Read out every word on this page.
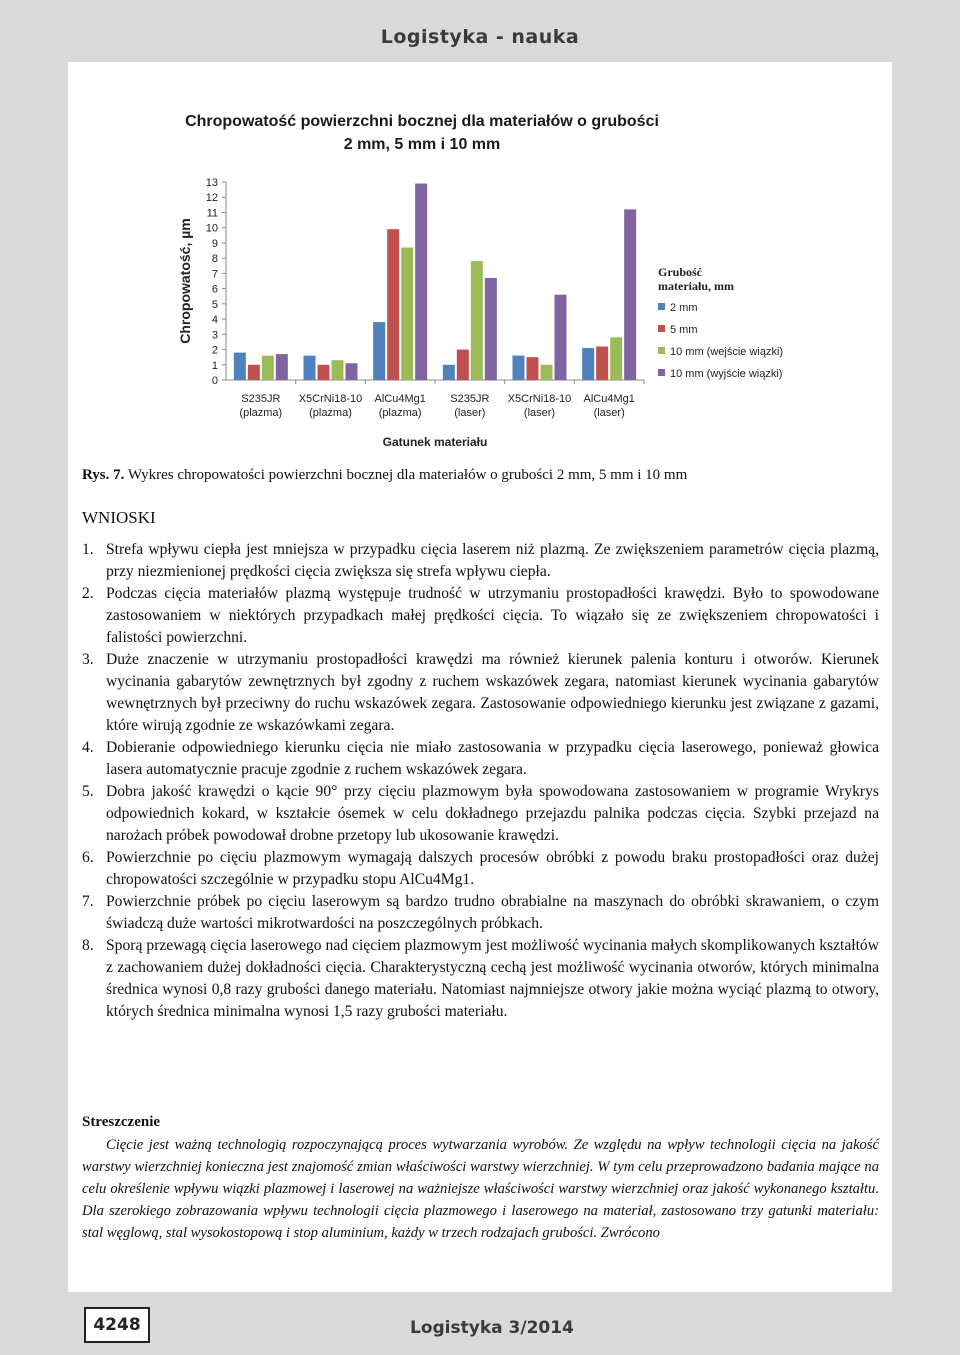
Logistyka - nauka
Chropowatość powierzchni bocznej dla materiałów o grubości
2 mm, 5 mm i 10 mm
0
1
2
3
4
5
6
7
8
9
10
11
12
13
Chropowatość, µm
S235JR
(plazma)
X5CrNi18-10
(plazma)
AlCu4Mg1
(plazma)
S235JR
(laser)
X5CrNi18-10
(laser)
AlCu4Mg1
(laser)
Gatunek materiału
Grubość
materiału, mm
2 mm
5 mm
10 mm (wejście wiązki)
10 mm (wyjście wiązki)
Rys. 7. Wykres chropowatości powierzchni bocznej dla materiałów o grubości 2 mm, 5 mm i 10 mm
WNIOSKI
1. Strefa wpływu ciepła jest mniejsza w przypadku cięcia laserem niż plazmą. Ze zwiększeniem parametrów cięcia plazmą, przy niezmienionej prędkości cięcia zwiększa się strefa wpływu ciepła.
2. Podczas cięcia materiałów plazmą występuje trudność w utrzymaniu prostopadłości krawędzi. Było to spowodowane zastosowaniem w niektórych przypadkach małej prędkości cięcia. To wiązało się ze zwiększeniem chropowatości i falistości powierzchni.
3. Duże znaczenie w utrzymaniu prostopadłości krawędzi ma również kierunek palenia konturu i otworów. Kierunek wycinania gabarytów zewnętrznych był zgodny z ruchem wskazówek zegara, natomiast kierunek wycinania gabarytów wewnętrznych był przeciwny do ruchu wskazówek zegara. Zastosowanie odpowiedniego kierunku jest związane z gazami, które wirują zgodnie ze wskazówkami zegara.
4. Dobieranie odpowiedniego kierunku cięcia nie miało zastosowania w przypadku cięcia laserowego, ponieważ głowica lasera automatycznie pracuje zgodnie z ruchem wskazówek zegara.
5. Dobra jakość krawędzi o kącie 90° przy cięciu plazmowym była spowodowana zastosowaniem w programie Wrykrys odpowiednich kokard, w kształcie ósemek w celu dokładnego przejazdu palnika podczas cięcia. Szybki przejazd na narożach próbek powodował drobne przetopy lub ukosowanie krawędzi.
6. Powierzchnie po cięciu plazmowym wymagają dalszych procesów obróbki z powodu braku prostopadłości oraz dużej chropowatości szczególnie w przypadku stopu AlCu4Mg1.
7. Powierzchnie próbek po cięciu laserowym są bardzo trudno obrabialne na maszynach do obróbki skrawaniem, o czym świadczą duże wartości mikrotwardości na poszczególnych próbkach.
8. Sporą przewagą cięcia laserowego nad cięciem plazmowym jest możliwość wycinania małych skomplikowanych kształtów z zachowaniem dużej dokładności cięcia. Charakterystyczną cechą jest możliwość wycinania otworów, których minimalna średnica wynosi 0,8 razy grubości danego materiału. Natomiast najmniejsze otwory jakie można wyciąć plazmą to otwory, których średnica minimalna wynosi 1,5 razy grubości materiału.
Streszczenie
Cięcie jest ważną technologią rozpoczynającą proces wytwarzania wyrobów. Ze względu na wpływ technologii cięcia na jakość warstwy wierzchniej konieczna jest znajomość zmian właściwości warstwy wierzchniej. W tym celu przeprowadzono badania mające na celu określenie wpływu wiązki plazmowej i laserowej na ważniejsze właściwości warstwy wierzchniej oraz jakość wykonanego kształtu. Dla szerokiego zobrazowania wpływu technologii cięcia plazmowego i laserowego na materiał, zastosowano trzy gatunki materiału: stal węglową, stal wysokostopową i stop aluminium, każdy w trzech rodzajach grubości. Zwrócono
4248	Logistyka 3/2014
